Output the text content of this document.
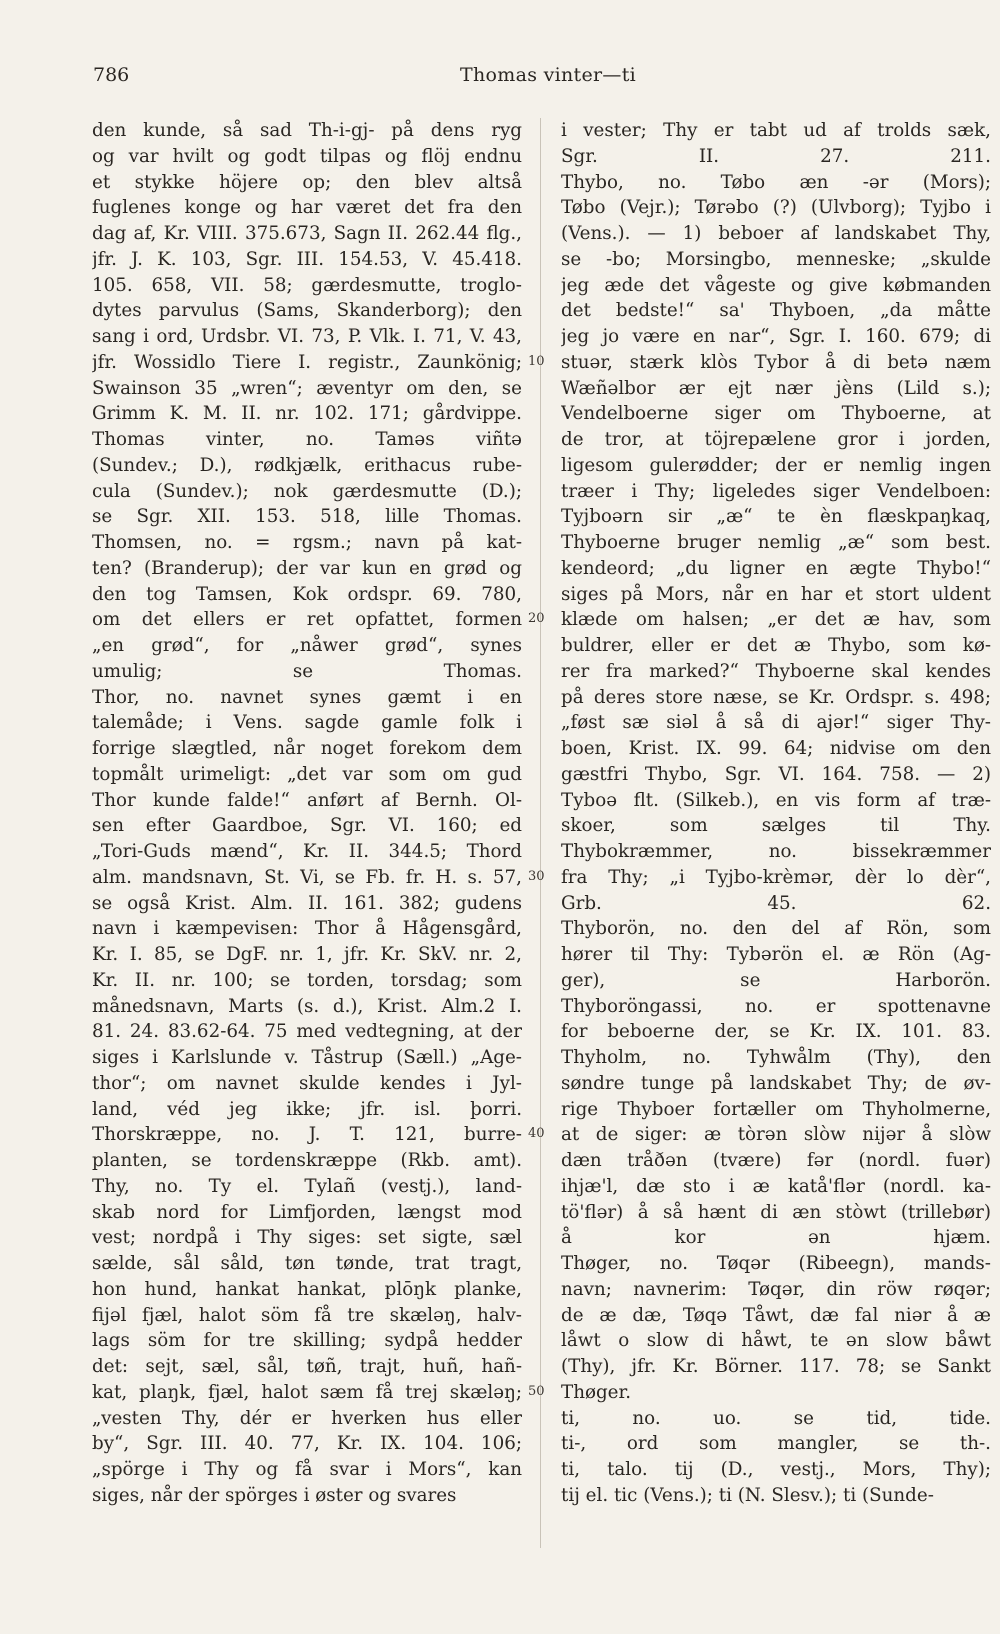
786	Thomas vinter—ti
den kunde, så sad Th-i-gj- på dens ryg
og var hvilt og godt tilpas og flöj endnu
et stykke höjere op; den blev altså
fuglenes konge og har været det fra den
dag af, Kr. VIII. 375.673, Sagn II. 262.44 flg.,
jfr. J. K. 103, Sgr. III. 154.53, V. 45.418.
105. 658, VII. 58; gærdesmutte, troglo-
dytes parvulus (Sams, Skanderborg); den
sang i ord, Urdsbr. VI. 73, P. Vlk. I. 71, V. 43,
jfr. Wossidlo Tiere I. registr., Zaunkönig;
Swainson 35 „wren“; æventyr om den, se
Grimm K. M. II. nr. 102. 171; gårdvippe.
Thomas vinter, no. Taməs viñtə
(Sundev.; D.), rødkjælk, erithacus rube-
cula (Sundev.); nok gærdesmutte (D.);
se Sgr. XII. 153. 518, lille Thomas.
Thomsen, no. = rgsm.; navn på kat-
ten? (Branderup); der var kun en grød og
den tog Tamsen, Kok ordspr. 69. 780,
om det ellers er ret opfattet, formen
„en grød“, for „nåwer grød“, synes
umulig; se Thomas.
Thor, no. navnet synes gæmt i en
talemåde; i Vens. sagde gamle folk i
forrige slægtled, når noget forekom dem
topmålt urimeligt: „det var som om gud
Thor kunde falde!“ anført af Bernh. Ol-
sen efter Gaardboe, Sgr. VI. 160; ed
„Tori-Guds mænd“, Kr. II. 344.5; Thord
alm. mandsnavn, St. Vi, se Fb. fr. H. s. 57,
se også Krist. Alm. II. 161. 382; gudens
navn i kæmpevisen: Thor å Hågensgård,
Kr. I. 85, se DgF. nr. 1, jfr. Kr. SkV. nr. 2,
Kr. II. nr. 100; se torden, torsdag; som
månedsnavn, Marts (s. d.), Krist. Alm.2 I.
81. 24. 83.62-64. 75 med vedtegning, at der
siges i Karlslunde v. Tåstrup (Sæll.) „Age-
thor“; om navnet skulde kendes i Jyl-
land, véd jeg ikke; jfr. isl. þorri.
Thorskræppe, no. J. T. 121, burre-
planten, se tordenskræppe (Rkb. amt).
Thy, no. Ty el. Tylañ (vestj.), land-
skab nord for Limfjorden, længst mod
vest; nordpå i Thy siges: set sigte, sæl
sælde, sål såld, tøn tønde, trat tragt,
hon hund, hankat hankat, plōŋk planke,
fijəl fjæl, halot söm få tre skæləŋ, halv-
lags söm for tre skilling; sydpå hedder
det: sejt, sæl, sål, tøñ, trajt, huñ, hañ-
kat, plaŋk, fjæl, halot sæm få trej skæləŋ;
„vesten Thy, dér er hverken hus eller
by“, Sgr. III. 40. 77, Kr. IX. 104. 106;
„spörge i Thy og få svar i Mors“, kan
siges, når der spörges i øster og svares
i vester; Thy er tabt ud af trolds sæk,
Sgr. II. 27. 211.
Thybo, no. Tøbo æn -ər (Mors);
Tøbo (Vejr.); Tørəbo (?) (Ulvborg); Tyjbo i
(Vens.). — 1) beboer af landskabet Thy,
se -bo; Morsingbo, menneske; „skulde
jeg æde det vågeste og give købmanden
det bedste!“ sa' Thyboen, „da måtte
jeg jo være en nar“, Sgr. I. 160. 679; di
stuər, stærk klòs Tybor å di betə næm
Wæñəlbor ær ejt nær jèns (Lild s.);
Vendelboerne siger om Thyboerne, at
de tror, at töjrepælene gror i jorden,
ligesom gulerødder; der er nemlig ingen
træer i Thy; ligeledes siger Vendelboen:
Tyjboərn sir „æ“ te èn flæskpaŋkaq,
Thyboerne bruger nemlig „æ“ som best.
kendeord; „du ligner en ægte Thybo!“
siges på Mors, når en har et stort uldent
klæde om halsen; „er det æ hav, som
buldrer, eller er det æ Thybo, som kø-
rer fra marked?“ Thyboerne skal kendes
på deres store næse, se Kr. Ordspr. s. 498;
„føst sæ siəl å så di ajər!“ siger Thy-
boen, Krist. IX. 99. 64; nidvise om den
gæstfri Thybo, Sgr. VI. 164. 758. — 2)
Tyboə flt. (Silkeb.), en vis form af træ-
skoer, som sælges til Thy.
Thybokræmmer, no. bissekræmmer
fra Thy; „i Tyjbo-krèmər, dèr lo dèr“,
Grb. 45. 62.
Thyborön, no. den del af Rön, som
hører til Thy: Tybərön el. æ Rön (Ag-
ger), se Harborön.
Thyboröngassi, no. er spottenavne
for beboerne der, se Kr. IX. 101. 83.
Thyholm, no. Tyhwålm (Thy), den
søndre tunge på landskabet Thy; de øv-
rige Thyboer fortæller om Thyholmerne,
at de siger: æ tòrən slòw nijər å slòw
dæn tråðən (tvære) fər (nordl. fuər)
ihjæ'l, dæ sto i æ katå'flər (nordl. ka-
tö'flər) å så hænt di æn stòwt (trillebør)
å kor ən hjæm.
Thøger, no. Tøqər (Ribeegn), mands-
navn; navnerim: Tøqər, din röw røqər;
de æ dæ, Tøqə Tåwt, dæ fal niər å æ
låwt o slow di håwt, te ən slow båwt
(Thy), jfr. Kr. Börner. 117. 78; se Sankt
Thøger.
ti, no. uo. se tid, tide.
ti-, ord som mangler, se th-.
ti, talo. tij (D., vestj., Mors, Thy);
tij el. tic (Vens.); ti (N. Slesv.); ti (Sunde-
10
20
30
40
50
